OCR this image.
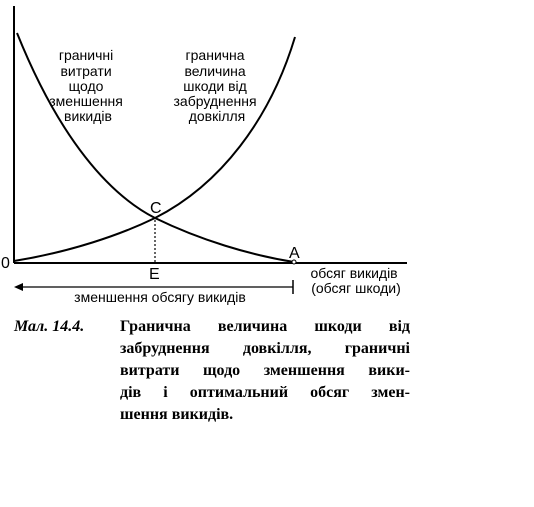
граничні витрати щодо зменшення викидів
гранична величина шкоди від забруднення довкілля
C
E
A
0
обсяг викидів (обсяг шкоди)
зменшення обсягу викидів
Мал. 14.4.	Гранична величина шкоди від
забруднення довкілля, граничні
витрати щодо зменшення вики-
дів і оптимальний обсяг змен-
шення викидів.
